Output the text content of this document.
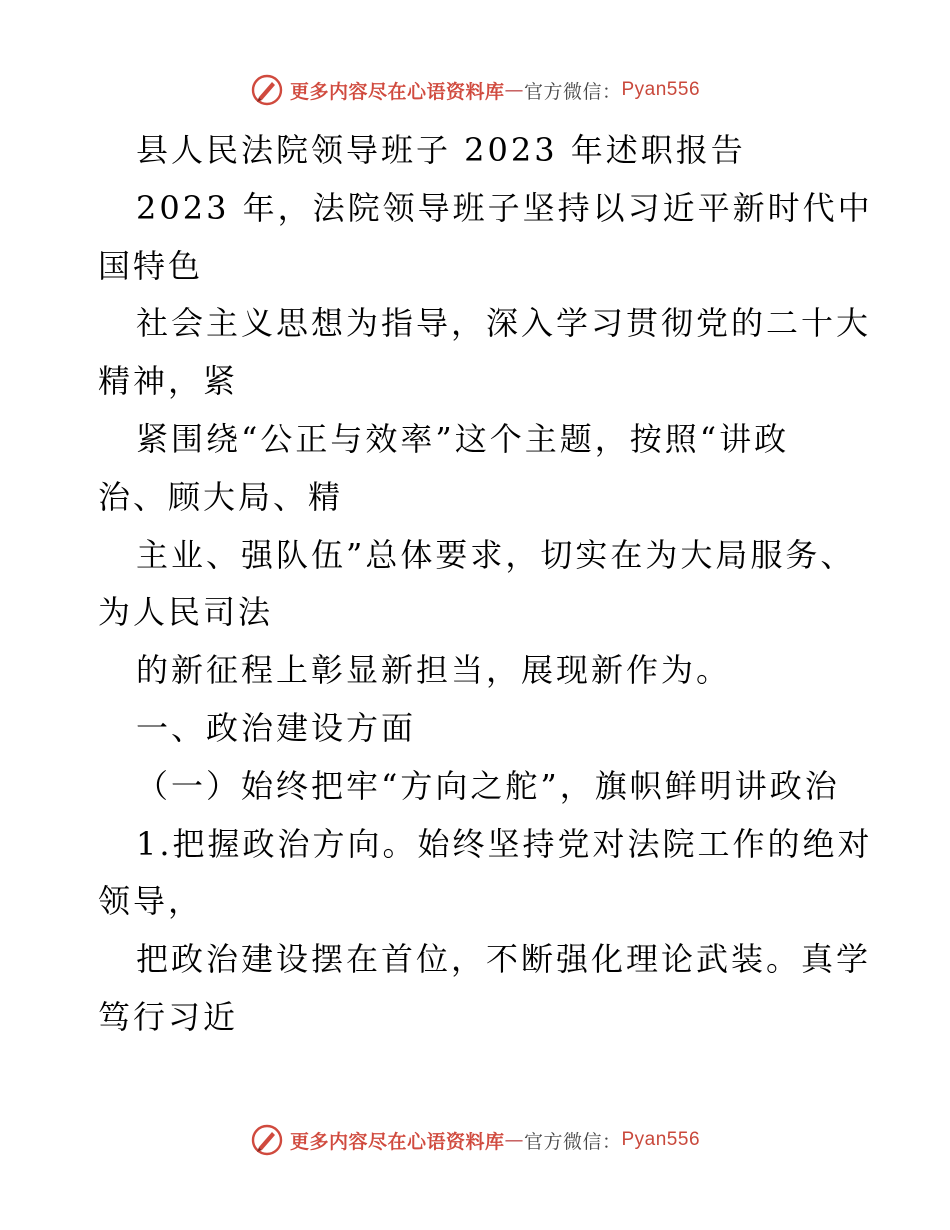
更多内容尽在心语资料库 — 官方微信： Pyan556
县人民法院领导班子 2023 年述职报告
2023 年，法院领导班子坚持以习近平新时代中
国特色
社会主义思想为指导，深入学习贯彻党的二十大
精神，紧
紧围绕“公正与效率”这个主题，按照“讲政
治、顾大局、精
主业、强队伍”总体要求，切实在为大局服务、
为人民司法
的新征程上彰显新担当，展现新作为。
一、政治建设方面
（一）始终把牢“方向之舵”，旗帜鲜明讲政治
1.把握政治方向。始终坚持党对法院工作的绝对
领导，
把政治建设摆在首位，不断强化理论武装。真学
笃行习近
更多内容尽在心语资料库 — 官方微信： Pyan556
